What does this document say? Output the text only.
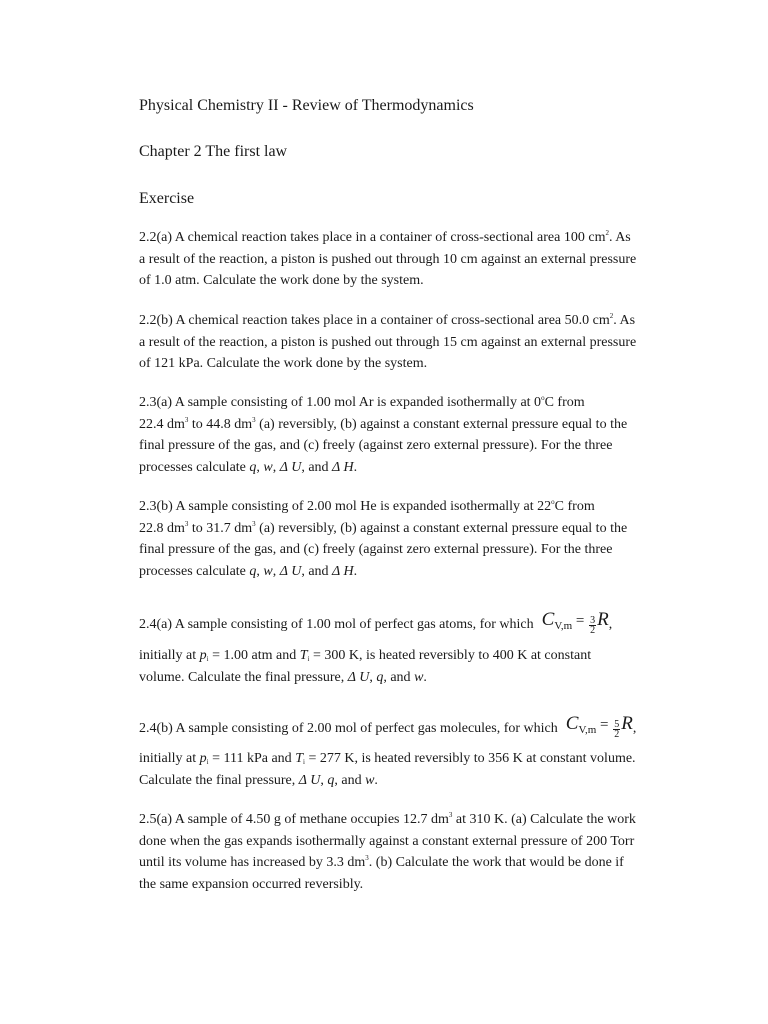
Physical Chemistry II - Review of Thermodynamics
Chapter 2 The first law
Exercise
2.2(a) A chemical reaction takes place in a container of cross-sectional area 100 $cm^2$. As a result of the reaction, a piston is pushed out through 10 cm against an external pressure of 1.0 atm. Calculate the work done by the system.
2.2(b) A chemical reaction takes place in a container of cross-sectional area 50.0 $cm^2$. As a result of the reaction, a piston is pushed out through 15 cm against an external pressure of 121 kPa. Calculate the work done by the system.
2.3(a) A sample consisting of 1.00 mol Ar is expanded isothermally at 0$^o$C from
22.4 $dm^3$ to 44.8 $dm^3$ (a) reversibly, (b) against a constant external pressure equal to the final pressure of the gas, and (c) freely (against zero external pressure). For the three processes calculate q, w, Δ U, and Δ H.
2.3(b) A sample consisting of 2.00 mol He is expanded isothermally at 22$^o$C from
22.8 $dm^3$ to 31.7 $dm^3$ (a) reversibly, (b) against a constant external pressure equal to the final pressure of the gas, and (c) freely (against zero external pressure). For the three processes calculate q, w, Δ U, and Δ H.
2.4(a) A sample consisting of 1.00 mol of perfect gas atoms, for which $C_{V,m} = \frac{3}{2} R$,
initially at $p_i = 1.00$ atm and $T_i = 300$ K, is heated reversibly to 400 K at constant volume. Calculate the final pressure, Δ U, q, and w.
2.4(b) A sample consisting of 2.00 mol of perfect gas molecules, for which $C_{V,m} = \frac{5}{2} R$,
initially at $p_i = 111$ kPa and $T_i = 277$ K, is heated reversibly to 356 K at constant volume. Calculate the final pressure, Δ U, q, and w.
2.5(a) A sample of 4.50 g of methane occupies 12.7 $dm^3$ at 310 K. (a) Calculate the work done when the gas expands isothermally against a constant external pressure of 200 Torr until its volume has increased by 3.3 $dm^3$. (b) Calculate the work that would be done if the same expansion occurred reversibly.
